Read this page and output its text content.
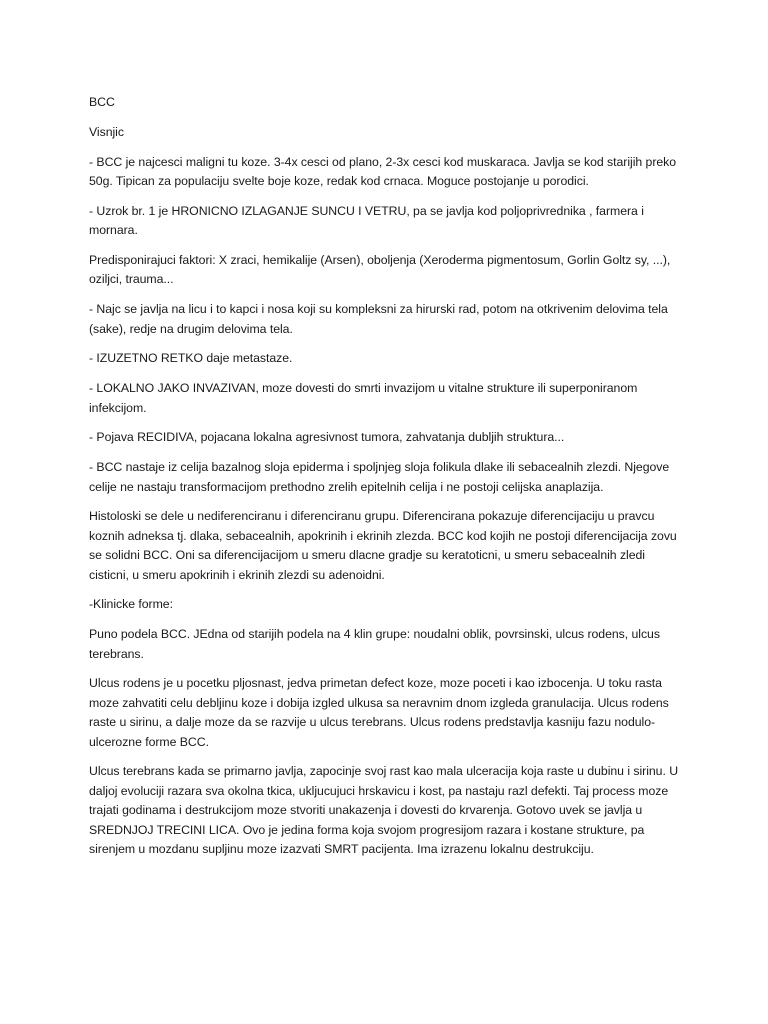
BCC

Visnjic

- BCC je najcesci maligni tu koze. 3-4x cesci od plano, 2-3x cesci kod muskaraca. Javlja se kod starijih preko 50g. Tipican za populaciju svelte boje koze, redak kod crnaca. Moguce postojanje u porodici.

- Uzrok br. 1 je HRONICNO IZLAGANJE SUNCU I VETRU, pa se javlja kod poljoprivrednika , farmera i mornara.

Predisponirajuci faktori: X zraci, hemikalije (Arsen), oboljenja (Xeroderma pigmentosum, Gorlin Goltz sy, ...), oziljci, trauma...

- Najc se javlja na licu i to kapci i nosa koji su kompleksni za hirurski rad, potom na otkrivenim delovima tela (sake), redje na drugim delovima tela.

- IZUZETNO RETKO daje metastaze.

- LOKALNO JAKO INVAZIVAN, moze dovesti do smrti invazijom u vitalne strukture ili superponiranom infekcijom.

- Pojava RECIDIVA, pojacana lokalna agresivnost tumora, zahvatanja dubljih struktura...

- BCC nastaje iz celija bazalnog sloja epiderma i spoljnjeg sloja folikula dlake ili sebacealnih zlezdi. Njegove celije ne nastaju transformacijom prethodno zrelih epitelnih celija i ne postoji celijska anaplazija.

Histoloski se dele u nediferenciranu i diferenciranu grupu. Diferencirana pokazuje diferencijaciju u pravcu koznih adneksa tj. dlaka, sebacealnih, apokrinih i ekrinih zlezda. BCC kod kojih ne postoji diferencijacija zovu se solidni BCC. Oni sa diferencijacijom u smeru dlacne gradje su keratoticni, u smeru sebacealnih zledi cisticni, u smeru apokrinih i ekrinih zlezdi su adenoidni.

-Klinicke forme:

Puno podela BCC. JEdna od starijih podela na 4 klin grupe: noudalni oblik, povrsinski, ulcus rodens, ulcus terebrans.

Ulcus rodens je u pocetku pljosnast, jedva primetan defect koze, moze poceti i kao izbocenja. U toku rasta moze zahvatiti celu debljinu koze i dobija izgled ulkusa sa neravnim dnom izgleda granulacija. Ulcus rodens raste u sirinu, a dalje moze da se razvije u ulcus terebrans. Ulcus rodens predstavlja kasniju fazu nodulo-ulcerozne forme BCC.

Ulcus terebrans kada se primarno javlja, zapocinje svoj rast kao mala ulceracija koja raste u dubinu i sirinu. U daljoj evoluciji razara sva okolna tkica, ukljucujuci hrskavicu i kost, pa nastaju razl defekti. Taj process moze trajati godinama i destrukcijom moze stvoriti unakazenja i dovesti do krvarenja. Gotovo uvek se javlja u SREDNJOJ TRECINI LICA. Ovo je jedina forma koja svojom progresijom razara i kostane strukture, pa sirenjem u mozdanu supljinu moze izazvati SMRT pacijenta. Ima izrazenu lokalnu destrukciju.
